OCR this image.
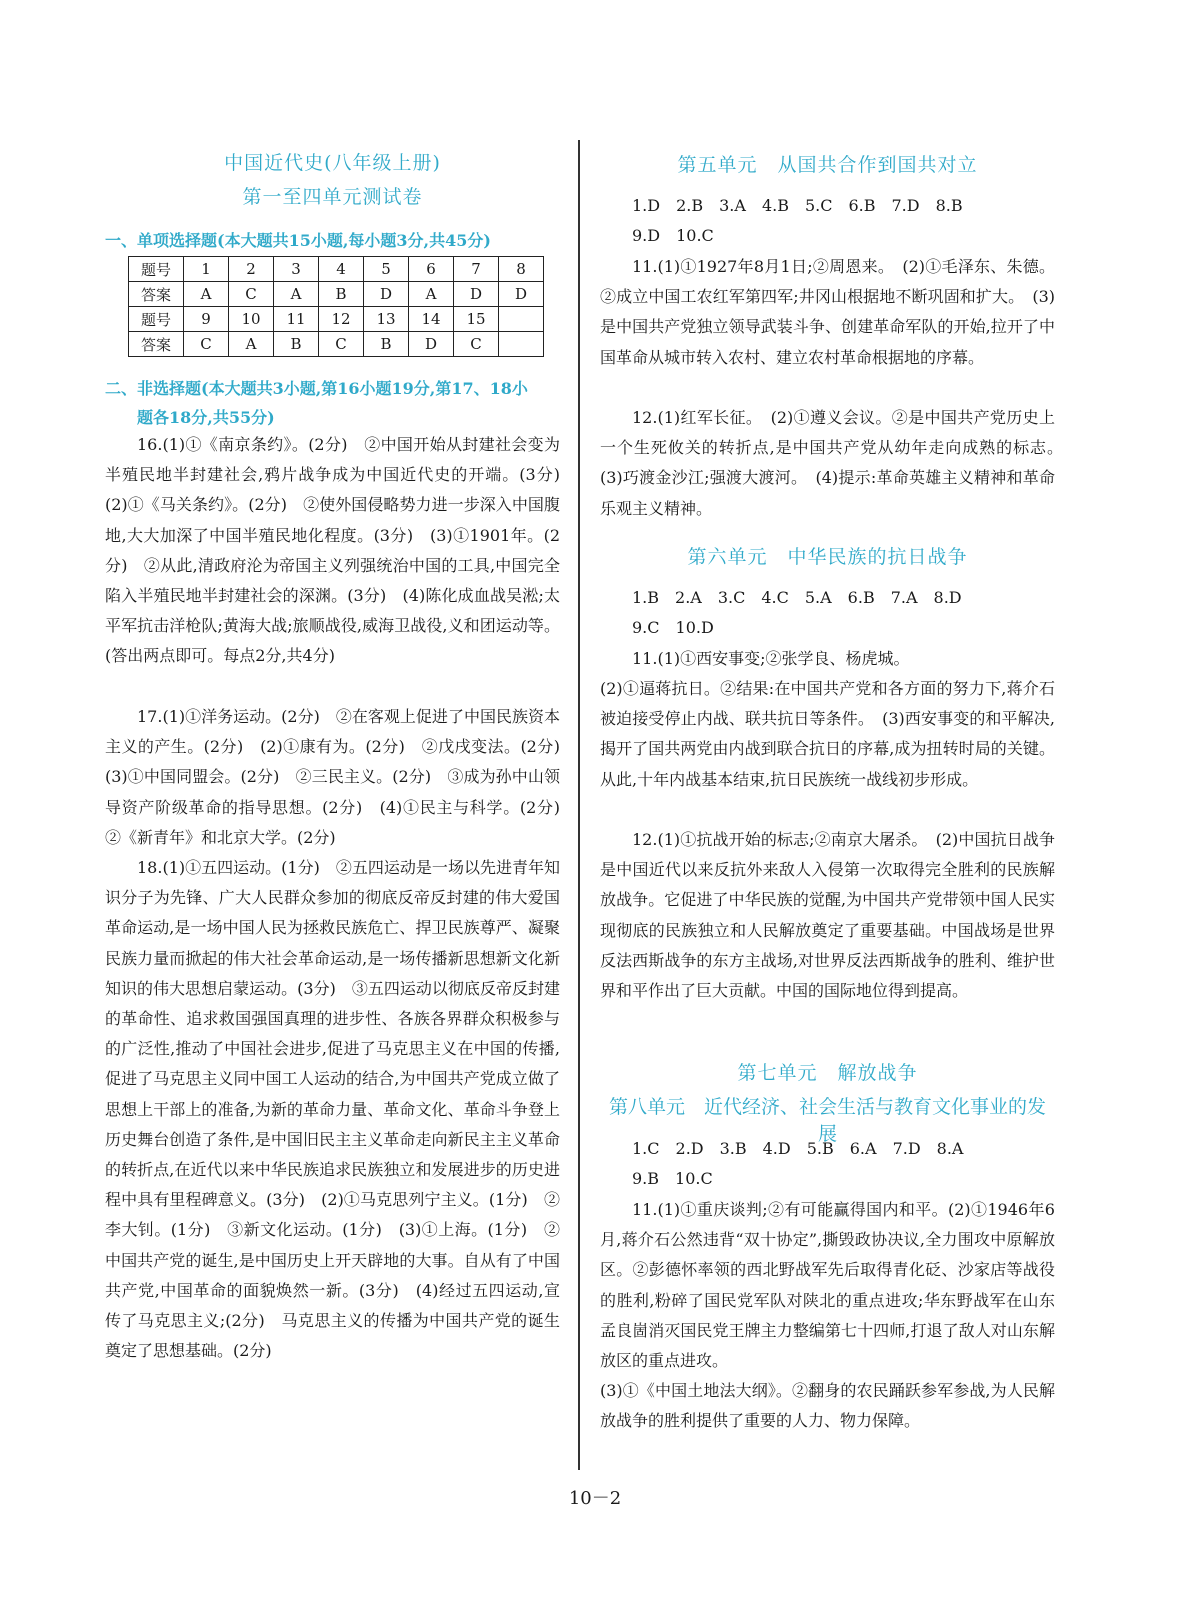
中国近代史(八年级上册)
第一至四单元测试卷
一、单项选择题(本大题共15小题,每小题3分,共45分)
题号	1	2	3	4	5	6	7	8
答案	A	C	A	B	D	A	D	D
题号	9	10	11	12	13	14	15	
答案	C	A	B	C	B	D	C	
二、非选择题(本大题共3小题,第16小题19分,第17、18小
题各18分,共55分)
16.(1)①《南京条约》。(2分)　②中国开始从封建社会变为半殖民地半封建社会,鸦片战争成为中国近代史的开端。(3分)　(2)①《马关条约》。(2分)　②使外国侵略势力进一步深入中国腹地,大大加深了中国半殖民地化程度。(3分)　(3)①1901年。(2分)　②从此,清政府沦为帝国主义列强统治中国的工具,中国完全陷入半殖民地半封建社会的深渊。(3分)　(4)陈化成血战吴淞;太平军抗击洋枪队;黄海大战;旅顺战役,威海卫战役,义和团运动等。(答出两点即可。每点2分,共4分)
17.(1)①洋务运动。(2分)　②在客观上促进了中国民族资本主义的产生。(2分)　(2)①康有为。(2分)　②戊戌变法。(2分)　(3)①中国同盟会。(2分)　②三民主义。(2分)　③成为孙中山领导资产阶级革命的指导思想。(2分)　(4)①民主与科学。(2分)　②《新青年》和北京大学。(2分)
18.(1)①五四运动。(1分)　②五四运动是一场以先进青年知识分子为先锋、广大人民群众参加的彻底反帝反封建的伟大爱国革命运动,是一场中国人民为拯救民族危亡、捍卫民族尊严、凝聚民族力量而掀起的伟大社会革命运动,是一场传播新思想新文化新知识的伟大思想启蒙运动。(3分)　③五四运动以彻底反帝反封建的革命性、追求救国强国真理的进步性、各族各界群众积极参与的广泛性,推动了中国社会进步,促进了马克思主义在中国的传播,促进了马克思主义同中国工人运动的结合,为中国共产党成立做了思想上干部上的准备,为新的革命力量、革命文化、革命斗争登上历史舞台创造了条件,是中国旧民主主义革命走向新民主主义革命的转折点,在近代以来中华民族追求民族独立和发展进步的历史进程中具有里程碑意义。(3分)　(2)①马克思列宁主义。(1分)　②李大钊。(1分)　③新文化运动。(1分)　(3)①上海。(1分)　②中国共产党的诞生,是中国历史上开天辟地的大事。自从有了中国共产党,中国革命的面貌焕然一新。(3分)　(4)经过五四运动,宣传了马克思主义;(2分)　马克思主义的传播为中国共产党的诞生奠定了思想基础。(2分)
第五单元　从国共合作到国共对立
1.D　2.B　3.A　4.B　5.C　6.B　7.D　8.B
9.D　10.C
11.(1)①1927年8月1日;②周恩来。　(2)①毛泽东、朱德。②成立中国工农红军第四军;井冈山根据地不断巩固和扩大。　(3)是中国共产党独立领导武装斗争、创建革命军队的开始,拉开了中国革命从城市转入农村、建立农村革命根据地的序幕。
12.(1)红军长征。　(2)①遵义会议。②是中国共产党历史上一个生死攸关的转折点,是中国共产党从幼年走向成熟的标志。　(3)巧渡金沙江;强渡大渡河。　(4)提示:革命英雄主义精神和革命乐观主义精神。
第六单元　中华民族的抗日战争
1.B　2.A　3.C　4.C　5.A　6.B　7.A　8.D
9.C　10.D
11.(1)①西安事变;②张学良、杨虎城。
(2)①逼蒋抗日。②结果:在中国共产党和各方面的努力下,蒋介石被迫接受停止内战、联共抗日等条件。　(3)西安事变的和平解决,揭开了国共两党由内战到联合抗日的序幕,成为扭转时局的关键。从此,十年内战基本结束,抗日民族统一战线初步形成。
12.(1)①抗战开始的标志;②南京大屠杀。　(2)中国抗日战争是中国近代以来反抗外来敌人入侵第一次取得完全胜利的民族解放战争。它促进了中华民族的觉醒,为中国共产党带领中国人民实现彻底的民族独立和人民解放奠定了重要基础。中国战场是世界反法西斯战争的东方主战场,对世界反法西斯战争的胜利、维护世界和平作出了巨大贡献。中国的国际地位得到提高。
第七单元　解放战争
第八单元　近代经济、社会生活与教育文化事业的发展
1.C　2.D　3.B　4.D　5.B　6.A　7.D　8.A
9.B　10.C
11.(1)①重庆谈判;②有可能赢得国内和平。(2)①1946年6月,蒋介石公然违背“双十协定”,撕毁政协决议,全力围攻中原解放区。②彭德怀率领的西北野战军先后取得青化砭、沙家店等战役的胜利,粉碎了国民党军队对陕北的重点进攻;华东野战军在山东孟良崮消灭国民党王牌主力整编第七十四师,打退了敌人对山东解放区的重点进攻。
(3)①《中国土地法大纲》。②翻身的农民踊跃参军参战,为人民解放战争的胜利提供了重要的人力、物力保障。
10－2
